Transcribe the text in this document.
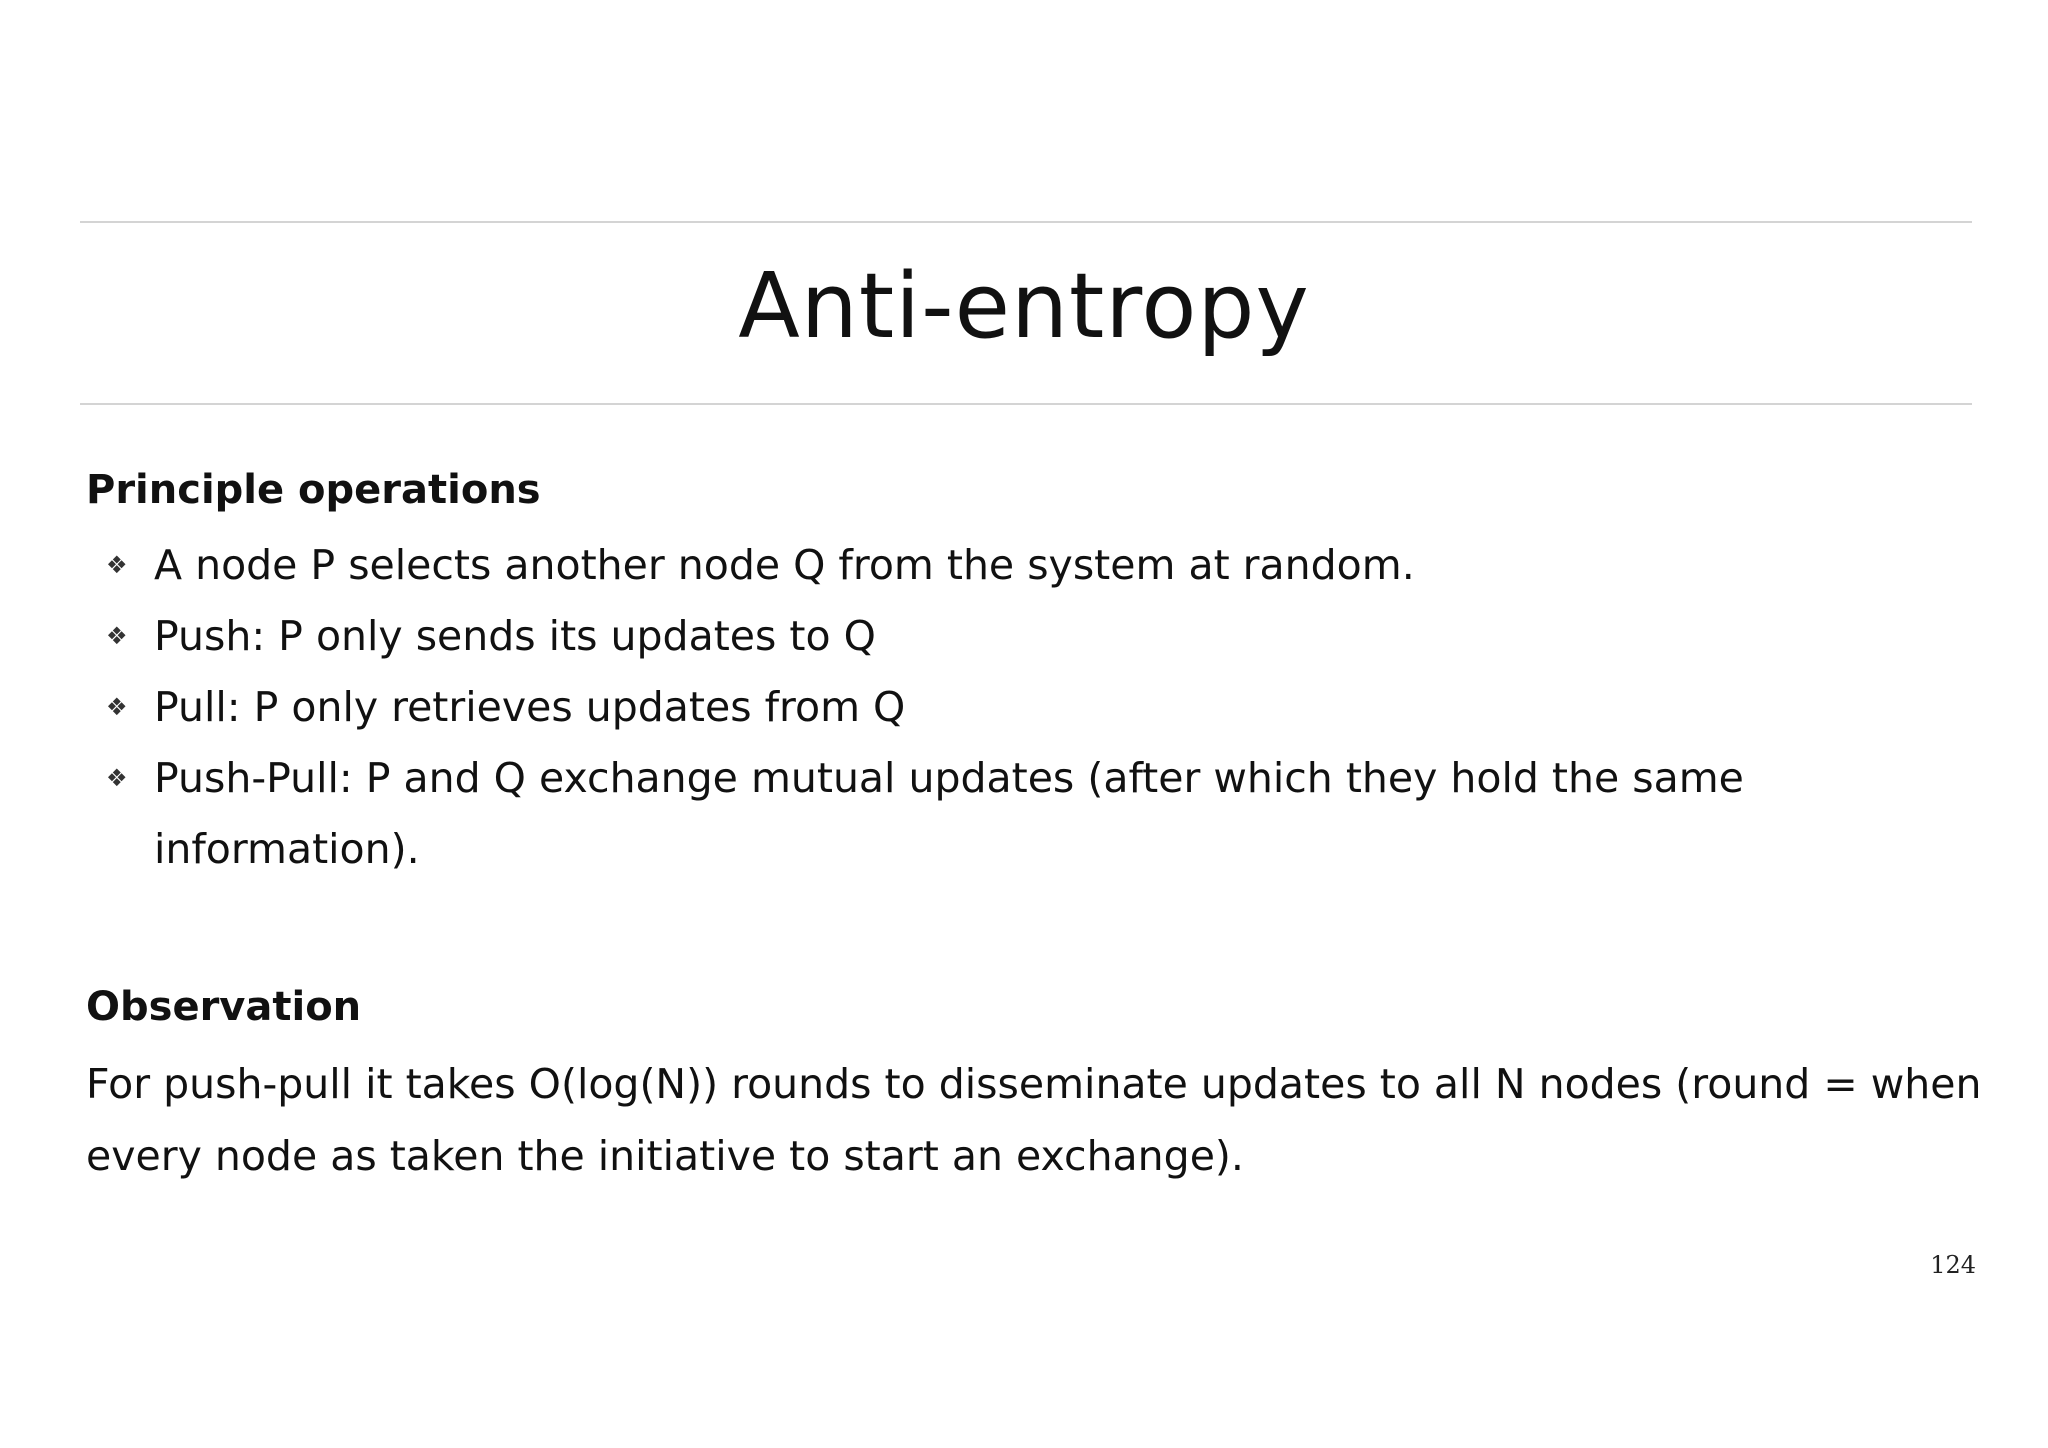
Anti-entropy
Principle operations
❖ A node P selects another node Q from the system at random.
❖ Push: P only sends its updates to Q
❖ Pull: P only retrieves updates from Q
❖ Push-Pull: P and Q exchange mutual updates (after which they hold the same information).
Observation
For push-pull it takes O(log(N)) rounds to disseminate updates to all N nodes (round = when every node as taken the initiative to start an exchange).
124
